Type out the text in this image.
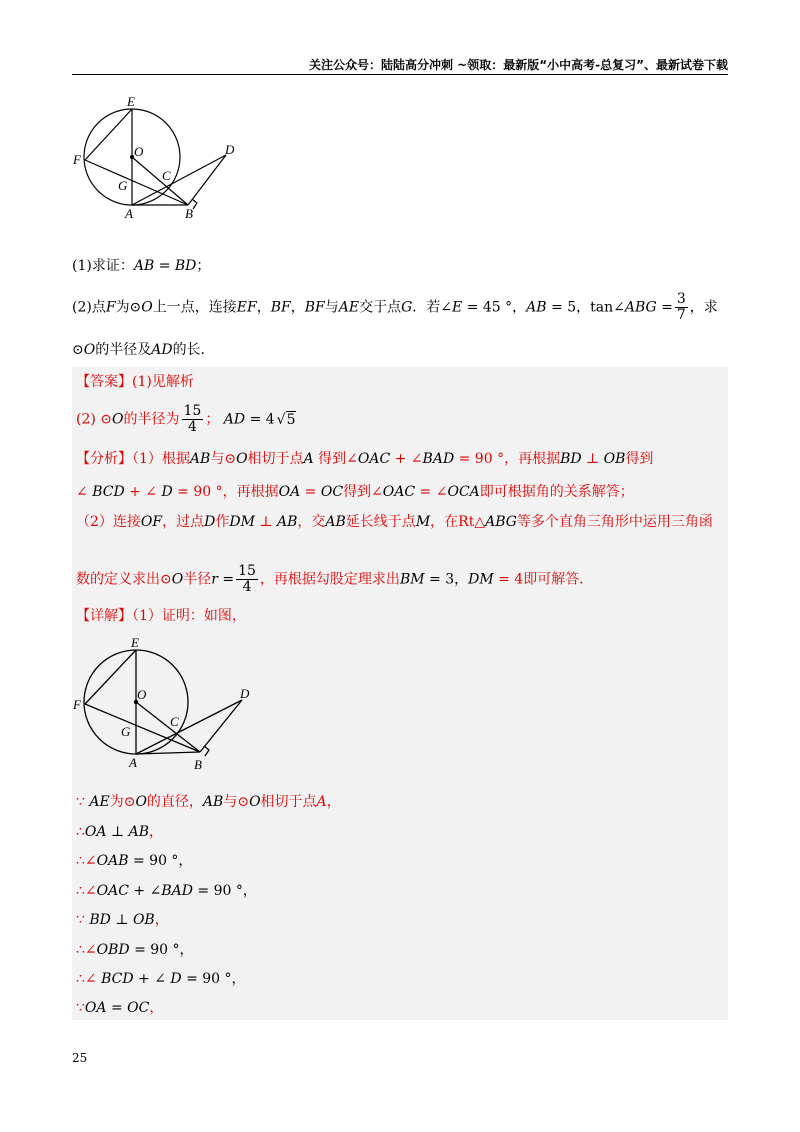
关注公众号：陆陆高分冲刺 ~领取：最新版“小中高考-总复习”、最新试卷下载
E
F
O
G
C
A	B
D
(1)求证：AB = BD；
(2)点F为⊙O上一点，连接EF，BF，BF与AE交于点G．若∠E = 45 °，AB = 5，tan∠ABG = $\frac{3}{7}$ ，求
⊙O的半径及AD的长．
【答案】(1)见解析
(2) ⊙O的半径为 $\frac{15}{4}$ ； AD = 4 √5
【分析】（1）根据AB与⊙O相切于点A 得到∠OAC + ∠BAD = 90 °，再根据BD ⊥ OB得到
∠ BCD + ∠ D = 90 °，再根据OA = OC得到∠OAC = ∠OCA即可根据角的关系解答；
（2）连接OF，过点D作DM ⊥ AB，交AB延长线于点M，在Rt△ABG等多个直角三角形中运用三角函
数的定义求出⊙O半径$r = \frac{15}{4}$ ，再根据勾股定理求出BM = 3，DM = 4即可解答．
【详解】（1）证明：如图，
E
F
O
G
C
A	B
D
∵ AE为⊙O的直径，AB与⊙O相切于点A，
∴OA ⊥ AB，
∴∠OAB = 90 °，
∴∠OAC + ∠BAD = 90 °，
∵ BD ⊥ OB，
∴∠OBD = 90 °，
∴∠ BCD + ∠ D = 90 °，
∵OA = OC，
25
